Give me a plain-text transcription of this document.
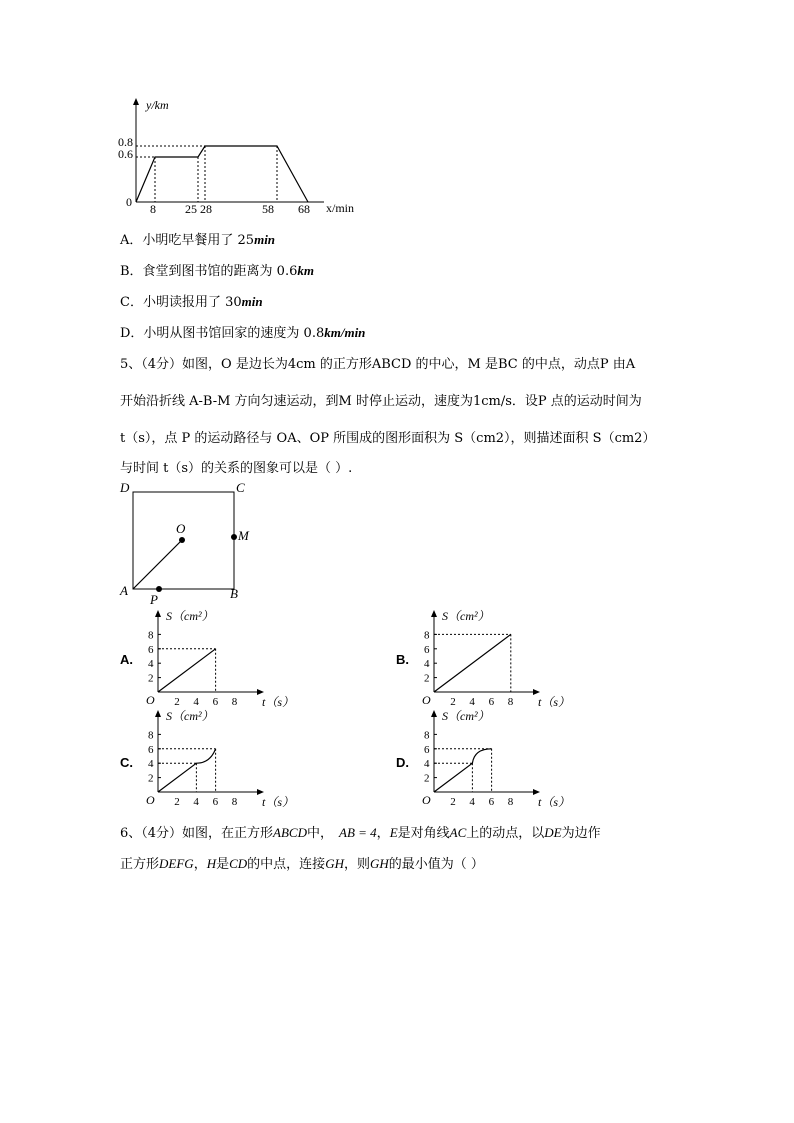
y/km
x/min
0
0.8
0.6
8 25 28	58 68
A．小明吃早餐用了 25min
B．食堂到图书馆的距离为 0.6km
C．小明读报用了 30min
D．小明从图书馆回家的速度为 0.8km/min
5、（4分）如图，O 是边长为4cm 的正方形ABCD 的中心，M 是BC 的中点，动点P 由A
开始沿折线 A-B-M 方向匀速运动，到M 时停止运动，速度为1cm/s．设P 点的运动时间为
t（s），点 P 的运动路径与 OA、OP 所围成的图形面积为 S（cm2），则描述面积 S（cm2）
与时间 t（s）的关系的图象可以是（ ）.
D	C
O	M
A	B
P
A.	B.
C.	D.
S（cm²）
t（s）
O
8
6
4
2
2 4 6 8
S（cm²）
t（s）
O
8
6
4
2
2 4 6 8
S（cm²）
t（s）
O
8
6
4
2
2 4 6 8
S（cm²）
t（s）
O
8
6
4
2
2 4 6 8
6、（4分）如图，在正方形ABCD中， AB = 4，E是对角线AC上的动点，以DE为边作
正方形DEFG，H是CD的中点，连接GH，则GH的最小值为（ ）
